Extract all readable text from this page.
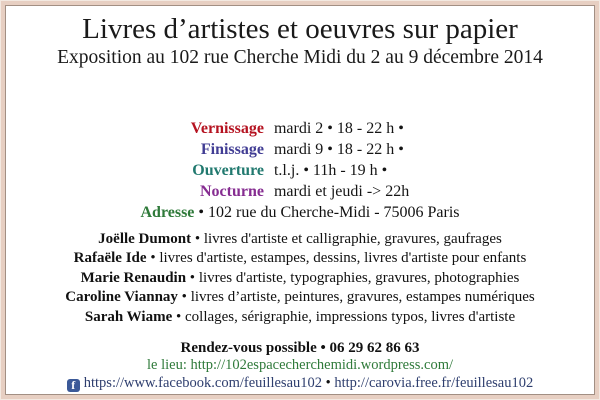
Livres d’artistes et oeuvres sur papier
Exposition au 102 rue Cherche Midi du 2 au 9 décembre 2014
Vernissage mardi 2 • 18 - 22 h •
Finissage mardi 9 • 18 - 22 h •
Ouverture t.l.j. • 11h - 19 h •
Nocturne mardi et jeudi -> 22h
Adresse • 102 rue du Cherche-Midi - 75006 Paris
Joëlle Dumont • livres d'artiste et calligraphie, gravures, gaufrages
Rafaële Ide • livres d'artiste, estampes, dessins, livres d'artiste pour enfants
Marie Renaudin • livres d'artiste, typographies, gravures, photographies
Caroline Viannay • livres d’artiste, peintures, gravures, estampes numériques
Sarah Wiame • collages, sérigraphie, impressions typos, livres d'artiste
Rendez-vous possible • 06 29 62 86 63
le lieu: http://102espacecherchemidi.wordpress.com/
f https://www.facebook.com/feuillesau102 • http://carovia.free.fr/feuillesau102
